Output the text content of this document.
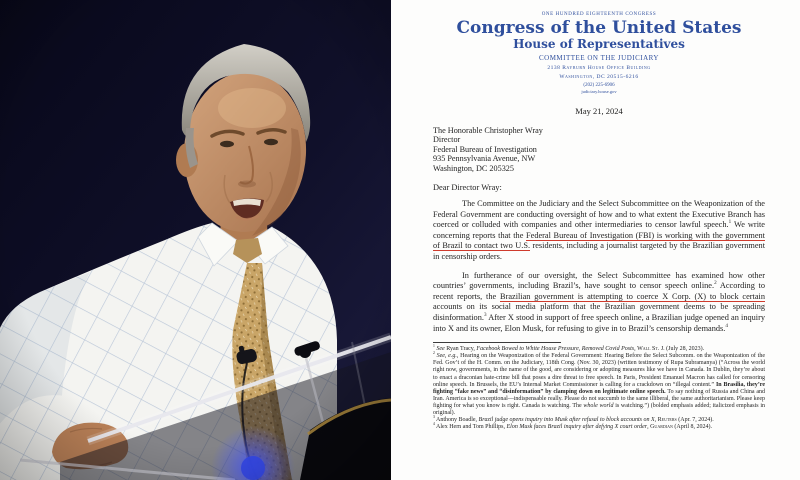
ONE HUNDRED EIGHTEENTH CONGRESS
Congress of the United States
House of Representatives
COMMITTEE ON THE JUDICIARY
2138 Rayburn House Office Building
Washington, DC 20515-6216
(202) 225-6906
judiciary.house.gov
May 21, 2024
The Honorable Christopher Wray
Director
Federal Bureau of Investigation
935 Pennsylvania Avenue, NW
Washington, DC 205325
Dear Director Wray:

The Committee on the Judiciary and the Select Subcommittee on the Weaponization of the Federal Government are conducting oversight of how and to what extent the Executive Branch has coerced or colluded with companies and other intermediaries to censor lawful speech.$^1$ We write concerning reports that the Federal Bureau of Investigation (FBI) is working with the government of Brazil to contact two U.S. residents, including a journalist targeted by the Brazilian government in censorship orders.

In furtherance of our oversight, the Select Subcommittee has examined how other countries’ governments, including Brazil’s, have sought to censor speech online.$^2$ According to recent reports, the Brazilian government is attempting to coerce X Corp. (X) to block certain accounts on its social media platform that the Brazilian government deems to be spreading disinformation.$^3$ After X stood in support of free speech online, a Brazilian judge opened an inquiry into X and its owner, Elon Musk, for refusing to give in to Brazil’s censorship demands.$^4$

$^1$ See Ryan Tracy, Facebook Bowed to White House Pressure, Removed Covid Posts, Wall St. J. (July 28, 2023).

$^2$ See, e.g., Hearing on the Weaponization of the Federal Government: Hearing Before the Select Subcomm. on the Weaponization of the Fed. Gov’t of the H. Comm. on the Judiciary, 118th Cong. (Nov. 30, 2023) (written testimony of Rupa Subramanya) (“Across the world right now, governments, in the name of the good, are considering or adopting measures like we have in Canada. In Dublin, they’re about to enact a draconian hate-crime bill that poses a dire threat to free speech. In Paris, President Emanuel Macron has called for censoring online speech. In Brussels, the EU’s Internal Market Commissioner is calling for a crackdown on “illegal content.” In Brasilia, they’re fighting “fake news” and “disinformation” by clamping down on legitimate online speech. To say nothing of Russia and China and Iran. America is so exceptional—indispensable really. Please do not succumb to the same illiberal, the same authoritarianism. Please keep fighting for what you know is right. Canada is watching. The whole world is watching.”) (bolded emphasis added; italicized emphasis in original).

$^3$ Anthony Boadle, Brazil judge opens inquiry into Musk after refusal to block accounts on X, Reuters (Apr. 7, 2024).

$^4$ Alex Hern and Tom Phillips, Elon Musk faces Brazil inquiry after defying X court order, Guardian (April 8, 2024).
